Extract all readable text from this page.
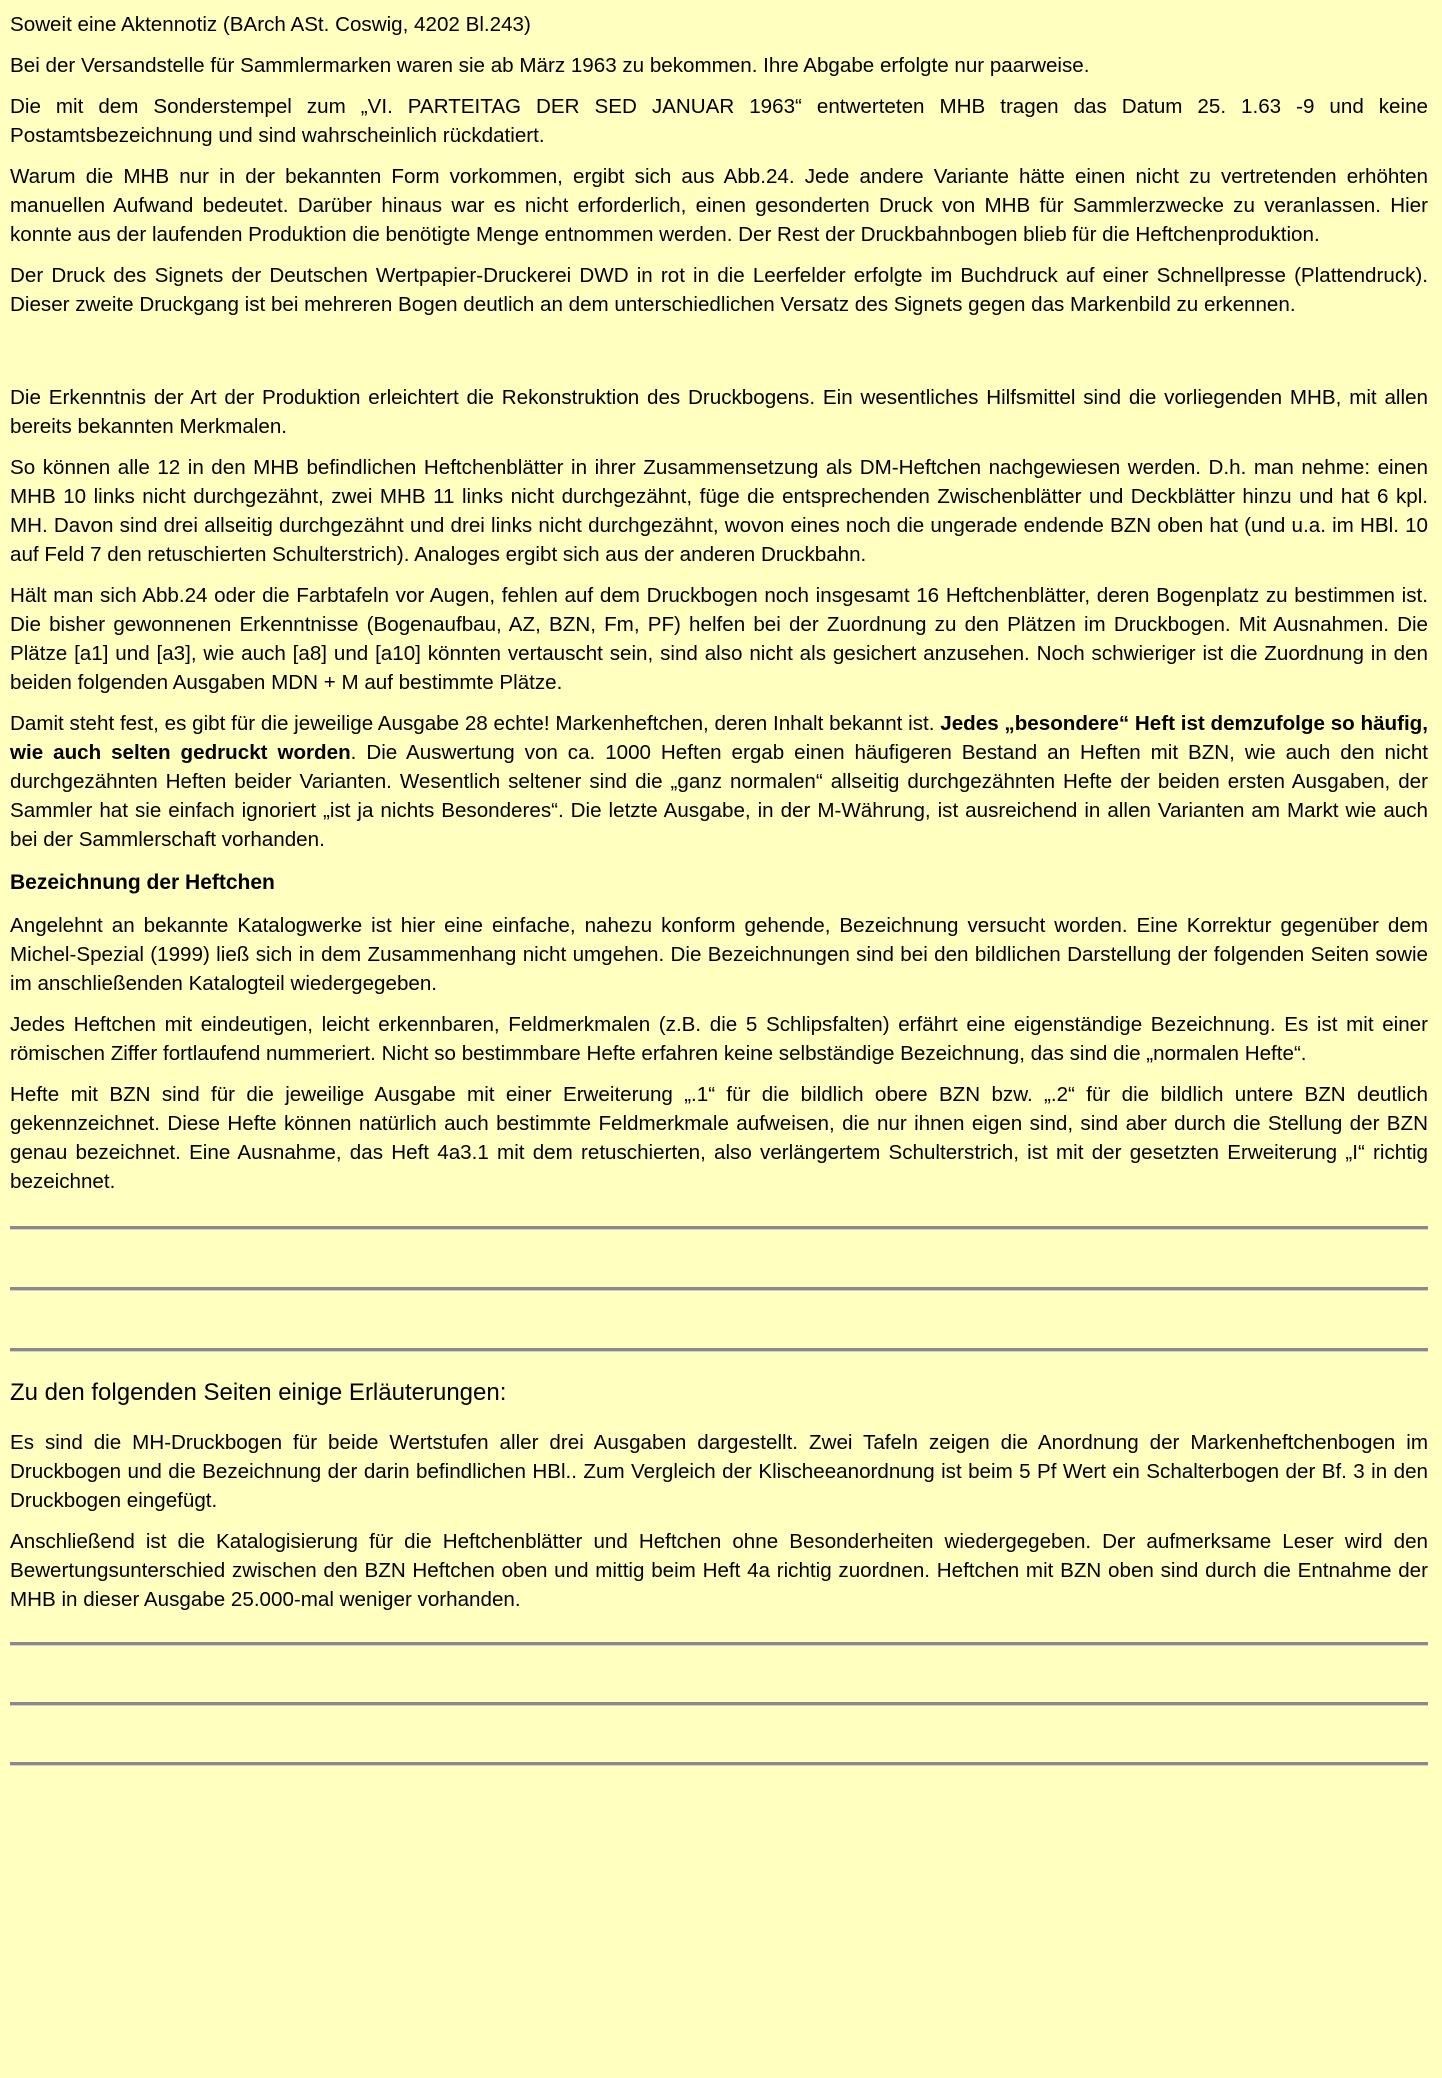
Soweit eine Aktennotiz (BArch ASt. Coswig, 4202 Bl.243)

Bei der Versandstelle für Sammlermarken waren sie ab März 1963 zu bekommen. Ihre Abgabe erfolgte nur paarweise.

Die mit dem Sonderstempel zum „VI. PARTEITAG DER SED JANUAR 1963“ entwerteten MHB tragen das Datum 25. 1.63 -9 und keine Postamtsbezeichnung und sind wahrscheinlich rückdatiert.

Warum die MHB nur in der bekannten Form vorkommen, ergibt sich aus Abb.24. Jede andere Variante hätte einen nicht zu vertretenden erhöhten manuellen Aufwand bedeutet. Darüber hinaus war es nicht erforderlich, einen gesonderten Druck von MHB für Sammlerzwecke zu veranlassen. Hier konnte aus der laufenden Produktion die benötigte Menge entnommen werden. Der Rest der Druckbahnbogen blieb für die Heftchenproduktion.

Der Druck des Signets der Deutschen Wertpapier-Druckerei DWD in rot in die Leerfelder erfolgte im Buchdruck auf einer Schnellpresse (Plattendruck). Dieser zweite Druckgang ist bei mehreren Bogen deutlich an dem unterschiedlichen Versatz des Signets gegen das Markenbild zu erkennen.

Die Erkenntnis der Art der Produktion erleichtert die Rekonstruktion des Druckbogens. Ein wesentliches Hilfsmittel sind die vorliegenden MHB, mit allen bereits bekannten Merkmalen.

So können alle 12 in den MHB befindlichen Heftchenblätter in ihrer Zusammensetzung als DM-Heftchen nachgewiesen werden. D.h. man nehme: einen MHB 10 links nicht durchgezähnt, zwei MHB 11 links nicht durchgezähnt, füge die entsprechenden Zwischenblätter und Deckblätter hinzu und hat 6 kpl. MH. Davon sind drei allseitig durchgezähnt und drei links nicht durchgezähnt, wovon eines noch die ungerade endende BZN oben hat (und u.a. im HBl. 10 auf Feld 7 den retuschierten Schulterstrich). Analoges ergibt sich aus der anderen Druckbahn.

Hält man sich Abb.24 oder die Farbtafeln vor Augen, fehlen auf dem Druckbogen noch insgesamt 16 Heftchenblätter, deren Bogenplatz zu bestimmen ist. Die bisher gewonnenen Erkenntnisse (Bogenaufbau, AZ, BZN, Fm, PF) helfen bei der Zuordnung zu den Plätzen im Druckbogen. Mit Ausnahmen. Die Plätze [a1] und [a3], wie auch [a8] und [a10] könnten vertauscht sein, sind also nicht als gesichert anzusehen. Noch schwieriger ist die Zuordnung in den beiden folgenden Ausgaben MDN + M auf bestimmte Plätze.

Damit steht fest, es gibt für die jeweilige Ausgabe 28 echte! Markenheftchen, deren Inhalt bekannt ist. Jedes „besondere“ Heft ist demzufolge so häufig, wie auch selten gedruckt worden. Die Auswertung von ca. 1000 Heften ergab einen häufigeren Bestand an Heften mit BZN, wie auch den nicht durchgezähnten Heften beider Varianten. Wesentlich seltener sind die „ganz normalen“ allseitig durchgezähnten Hefte der beiden ersten Ausgaben, der Sammler hat sie einfach ignoriert „ist ja nichts Besonderes“. Die letzte Ausgabe, in der M-Währung, ist ausreichend in allen Varianten am Markt wie auch bei der Sammlerschaft vorhanden.

Bezeichnung der Heftchen

Angelehnt an bekannte Katalogwerke ist hier eine einfache, nahezu konform gehende, Bezeichnung versucht worden. Eine Korrektur gegenüber dem Michel-Spezial (1999) ließ sich in dem Zusammenhang nicht umgehen. Die Bezeichnungen sind bei den bildlichen Darstellung der folgenden Seiten sowie im anschließenden Katalogteil wiedergegeben.

Jedes Heftchen mit eindeutigen, leicht erkennbaren, Feldmerkmalen (z.B. die 5 Schlipsfalten) erfährt eine eigenständige Bezeichnung. Es ist mit einer römischen Ziffer fortlaufend nummeriert. Nicht so bestimmbare Hefte erfahren keine selbständige Bezeichnung, das sind die „normalen Hefte“.

Hefte mit BZN sind für die jeweilige Ausgabe mit einer Erweiterung „.1“ für die bildlich obere BZN bzw. „.2“ für die bildlich untere BZN deutlich gekennzeichnet. Diese Hefte können natürlich auch bestimmte Feldmerkmale aufweisen, die nur ihnen eigen sind, sind aber durch die Stellung der BZN genau bezeichnet. Eine Ausnahme, das Heft 4a3.1 mit dem retuschierten, also verlängertem Schulterstrich, ist mit der gesetzten Erweiterung „I“ richtig bezeichnet.

Zu den folgenden Seiten einige Erläuterungen:

Es sind die MH-Druckbogen für beide Wertstufen aller drei Ausgaben dargestellt. Zwei Tafeln zeigen die Anordnung der Markenheftchenbogen im Druckbogen und die Bezeichnung der darin befindlichen HBl.. Zum Vergleich der Klischeeanordnung ist beim 5 Pf Wert ein Schalterbogen der Bf. 3 in den Druckbogen eingefügt.

Anschließend ist die Katalogisierung für die Heftchenblätter und Heftchen ohne Besonderheiten wiedergegeben. Der aufmerksame Leser wird den Bewertungsunterschied zwischen den BZN Heftchen oben und mittig beim Heft 4a richtig zuordnen. Heftchen mit BZN oben sind durch die Entnahme der MHB in dieser Ausgabe 25.000-mal weniger vorhanden.
